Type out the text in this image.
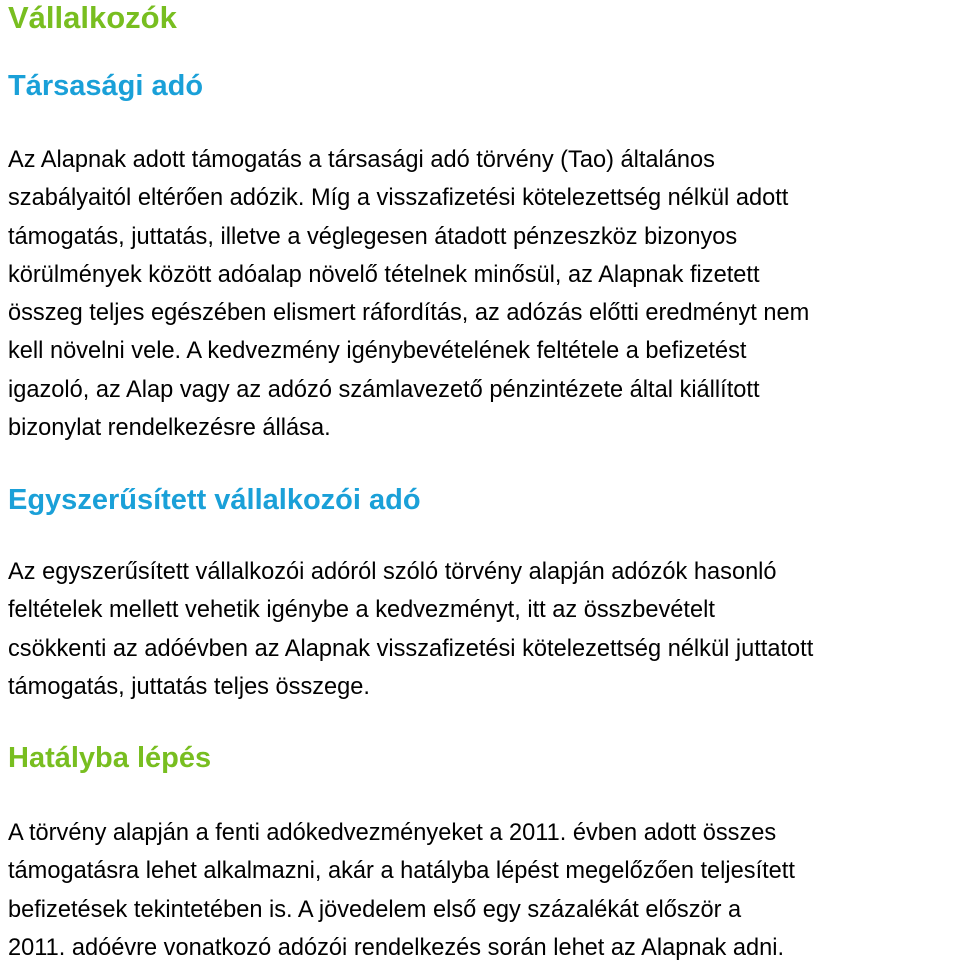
Vállalkozók
Társasági adó
Az Alapnak adott támogatás a társasági adó törvény (Tao) általános
szabályaitól eltérően adózik. Míg a visszafizetési kötelezettség nélkül adott
támogatás, juttatás, illetve a véglegesen átadott pénzeszköz bizonyos
körülmények között adóalap növelő tételnek minősül, az Alapnak fizetett
összeg teljes egészében elismert ráfordítás, az adózás előtti eredményt nem
kell növelni vele. A kedvezmény igénybevételének feltétele a befizetést
igazoló, az Alap vagy az adózó számlavezető pénzintézete által kiállított
bizonylat rendelkezésre állása.
Egyszerűsített vállalkozói adó
Az egyszerűsített vállalkozói adóról szóló törvény alapján adózók hasonló
feltételek mellett vehetik igénybe a kedvezményt, itt az összbevételt
csökkenti az adóévben az Alapnak visszafizetési kötelezettség nélkül juttatott
támogatás, juttatás teljes összege.
Hatályba lépés
A törvény alapján a fenti adókedvezményeket a 2011. évben adott összes
támogatásra lehet alkalmazni, akár a hatályba lépést megelőzően teljesített
befizetések tekintetében is. A jövedelem első egy százalékát először a
2011. adóévre vonatkozó adózói rendelkezés során lehet az Alapnak adni.
